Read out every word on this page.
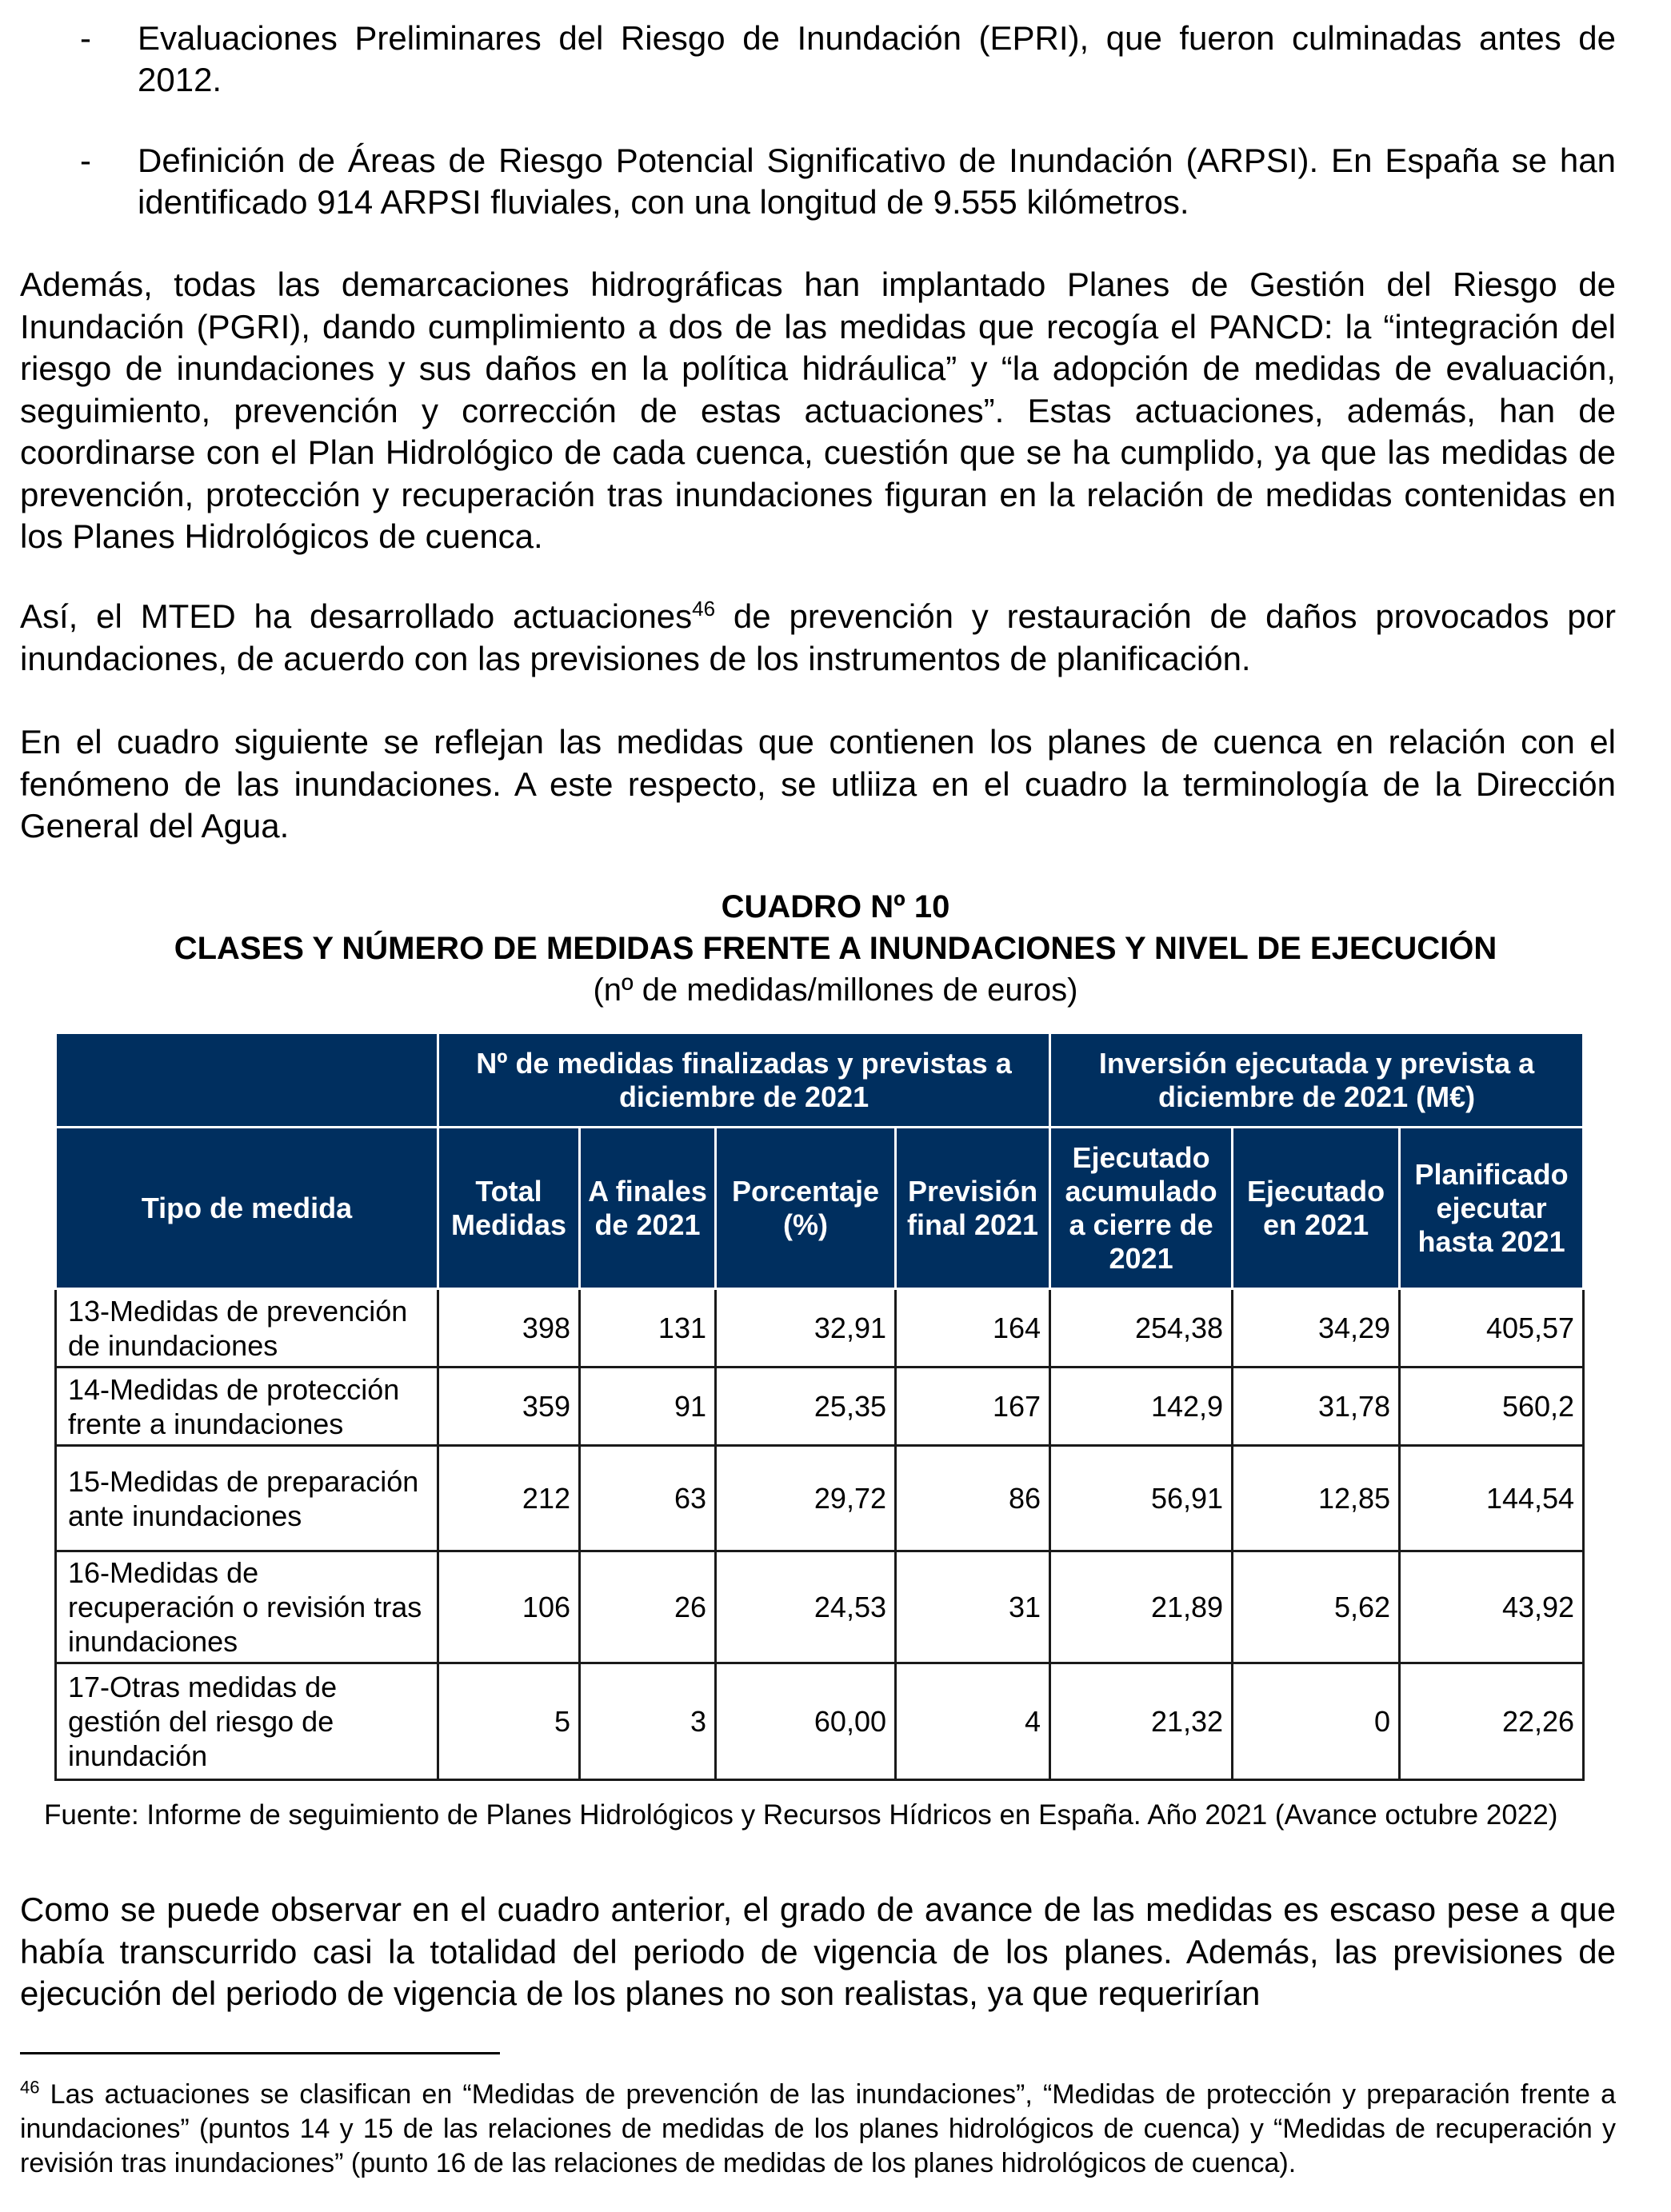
- Evaluaciones Preliminares del Riesgo de Inundación (EPRI), que fueron culminadas antes de 2012.
- Definición de Áreas de Riesgo Potencial Significativo de Inundación (ARPSI). En España se han identificado 914 ARPSI fluviales, con una longitud de 9.555 kilómetros.
Además, todas las demarcaciones hidrográficas han implantado Planes de Gestión del Riesgo de Inundación (PGRI), dando cumplimiento a dos de las medidas que recogía el PANCD: la “integración del riesgo de inundaciones y sus daños en la política hidráulica” y “la adopción de medidas de evaluación, seguimiento, prevención y corrección de estas actuaciones”. Estas actuaciones, además, han de coordinarse con el Plan Hidrológico de cada cuenca, cuestión que se ha cumplido, ya que las medidas de prevención, protección y recuperación tras inundaciones figuran en la relación de medidas contenidas en los Planes Hidrológicos de cuenca.
Así, el MTED ha desarrollado actuaciones$^{46}$ de prevención y restauración de daños provocados por inundaciones, de acuerdo con las previsiones de los instrumentos de planificación.
En el cuadro siguiente se reflejan las medidas que contienen los planes de cuenca en relación con el fenómeno de las inundaciones. A este respecto, se utliiza en el cuadro la terminología de la Dirección General del Agua.
CUADRO Nº 10
CLASES Y NÚMERO DE MEDIDAS FRENTE A INUNDACIONES Y NIVEL DE EJECUCIÓN
(nº de medidas/millones de euros)
	Nº de medidas finalizadas y previstas a diciembre de 2021				Inversión ejecutada y prevista a diciembre de 2021 (M€)		
Tipo de medida	Total Medidas	A finales de 2021	Porcentaje (%)	Previsión final 2021	Ejecutado acumulado a cierre de 2021	Ejecutado en 2021	Planificado ejecutar hasta 2021
13-Medidas de prevención de inundaciones	398	131	32,91	164	254,38	34,29	405,57
14-Medidas de protección frente a inundaciones	359	91	25,35	167	142,9	31,78	560,2
15-Medidas de preparación ante inundaciones	212	63	29,72	86	56,91	12,85	144,54
16-Medidas de recuperación o revisión tras inundaciones	106	26	24,53	31	21,89	5,62	43,92
17-Otras medidas de gestión del riesgo de inundación	5	3	60,00	4	21,32	0	22,26
Fuente: Informe de seguimiento de Planes Hidrológicos y Recursos Hídricos en España. Año 2021 (Avance octubre 2022)
Como se puede observar en el cuadro anterior, el grado de avance de las medidas es escaso pese a que había transcurrido casi la totalidad del periodo de vigencia de los planes. Además, las previsiones de ejecución del periodo de vigencia de los planes no son realistas, ya que requerirían
$^{46}$ Las actuaciones se clasifican en “Medidas de prevención de las inundaciones”, “Medidas de protección y preparación frente a inundaciones” (puntos 14 y 15 de las relaciones de medidas de los planes hidrológicos de cuenca) y “Medidas de recuperación y revisión tras inundaciones” (punto 16 de las relaciones de medidas de los planes hidrológicos de cuenca).
